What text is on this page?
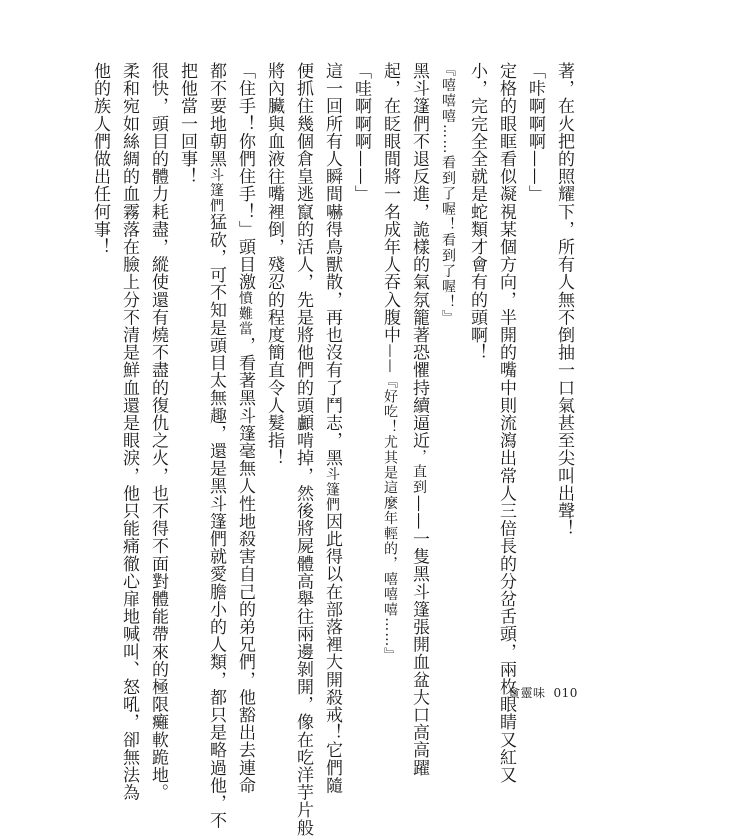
著，在火把的照耀下，所有人無不倒抽一口氣甚至尖叫出聲！
「咔啊啊啊——」
定格的眼眶看似凝視某個方向，半開的嘴中則流瀉出常人三倍長的分岔舌頭，兩枚眼睛又紅又
小，完完全全就是蛇類才會有的頭啊！
『嘻嘻嘻……看到了喔！看到了喔！』
黑斗篷們不退反進，詭樣的氣氛籠著恐懼持續逼近，直到——一隻黑斗篷張開血盆大口高高躍
起，在眨眼間將一名成年人吞入腹中——『好吃！尤其是這麼年輕的，嘻嘻嘻……』
「哇啊啊啊——」
這一回所有人瞬間嚇得鳥獸散，再也沒有了鬥志，黑斗篷們因此得以在部落裡大開殺戒！它們隨
便抓住幾個倉皇逃竄的活人，先是將他們的頭顱啃掉，然後將屍體高舉往兩邊剝開，像在吃洋芋片般
將內臟與血液往嘴裡倒，殘忍的程度簡直令人髮指！
「住手！你們住手！」頭目激憤難當，看著黑斗篷毫無人性地殺害自己的弟兄們，他豁出去連命
都不要地朝黑斗篷們猛砍，可不知是頭目太無趣，還是黑斗篷們就愛膽小的人類，都只是略過他，不
把他當一回事！
很快，頭目的體力耗盡，縱使還有燒不盡的復仇之火，也不得不面對體能帶來的極限癱軟跪地。
柔和宛如絲綢的血霧落在臉上分不清是鮮血還是眼淚，他只能痛徹心扉地喊叫、怒吼，卻無法為
他的族人們做出任何事！
貪靈味 010
